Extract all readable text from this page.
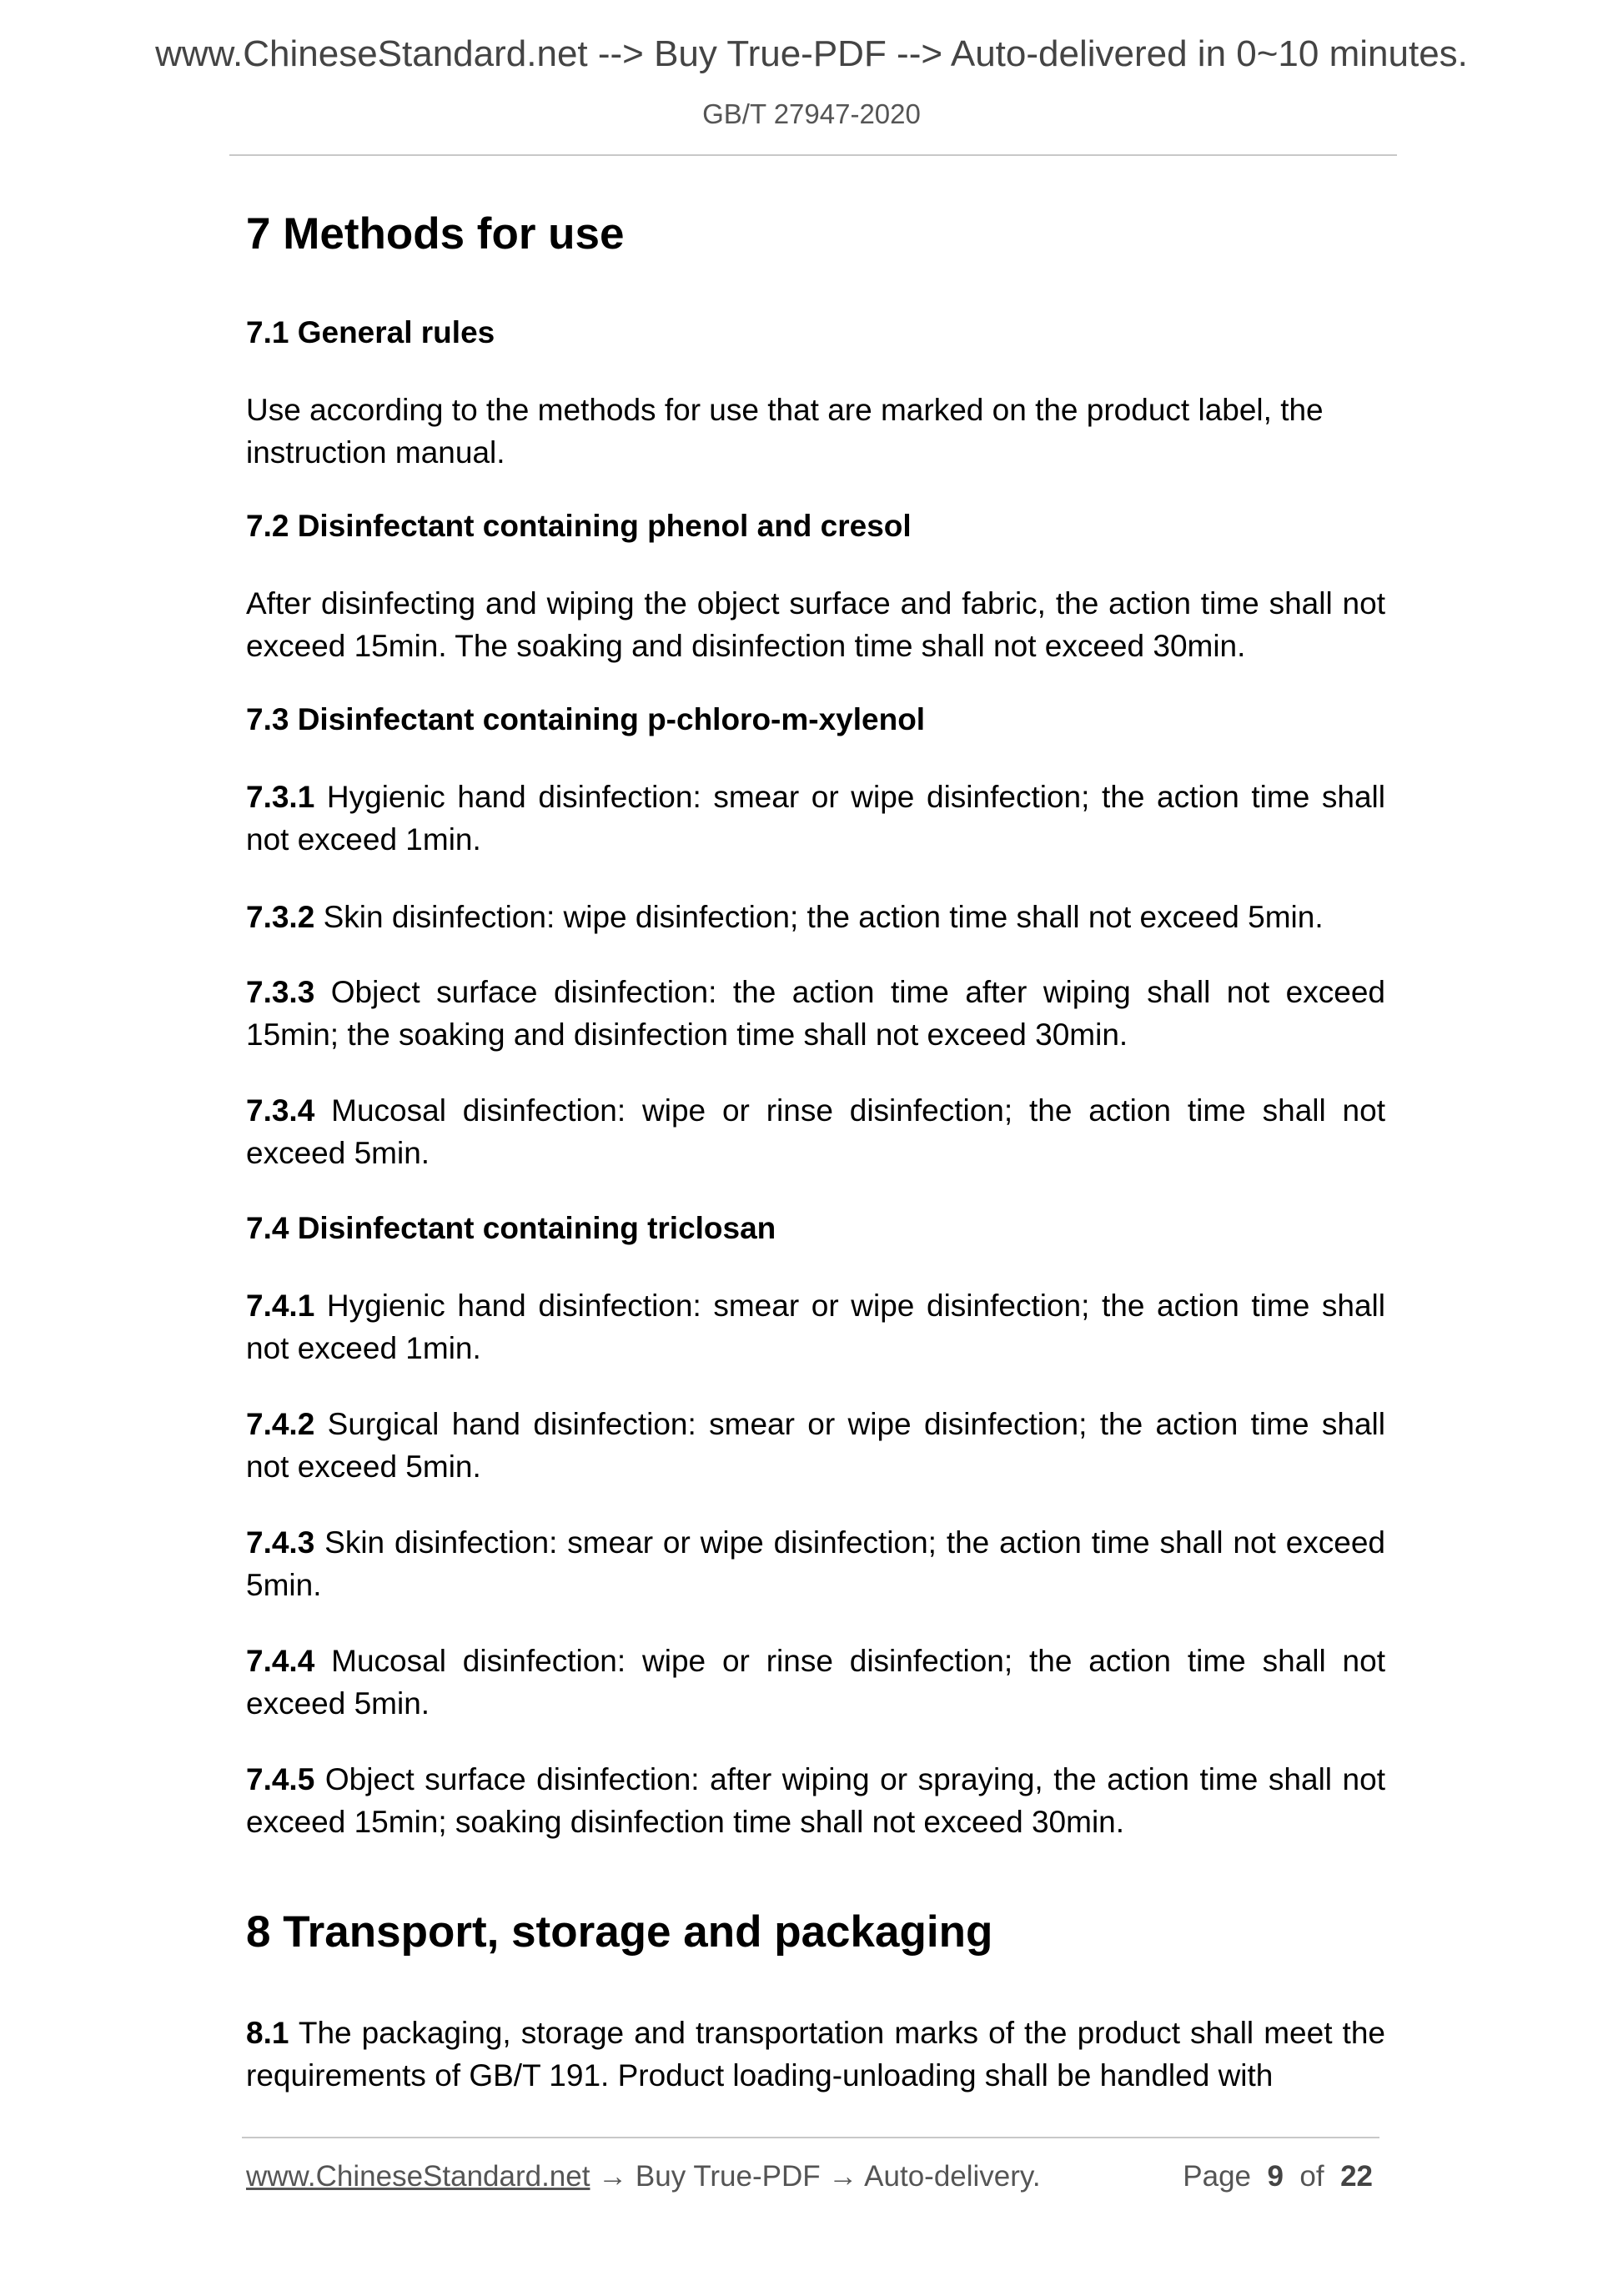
www.ChineseStandard.net --> Buy True-PDF --> Auto-delivered in 0~10 minutes.
GB/T 27947-2020
7 Methods for use
7.1 General rules
Use according to the methods for use that are marked on the product label, the instruction manual.
7.2 Disinfectant containing phenol and cresol
After disinfecting and wiping the object surface and fabric, the action time shall not exceed 15min. The soaking and disinfection time shall not exceed 30min.
7.3 Disinfectant containing p-chloro-m-xylenol
7.3.1 Hygienic hand disinfection: smear or wipe disinfection; the action time shall not exceed 1min.
7.3.2 Skin disinfection: wipe disinfection; the action time shall not exceed 5min.
7.3.3 Object surface disinfection: the action time after wiping shall not exceed 15min; the soaking and disinfection time shall not exceed 30min.
7.3.4 Mucosal disinfection: wipe or rinse disinfection; the action time shall not exceed 5min.
7.4 Disinfectant containing triclosan
7.4.1 Hygienic hand disinfection: smear or wipe disinfection; the action time shall not exceed 1min.
7.4.2 Surgical hand disinfection: smear or wipe disinfection; the action time shall not exceed 5min.
7.4.3 Skin disinfection: smear or wipe disinfection; the action time shall not exceed 5min.
7.4.4 Mucosal disinfection: wipe or rinse disinfection; the action time shall not exceed 5min.
7.4.5 Object surface disinfection: after wiping or spraying, the action time shall not exceed 15min; soaking disinfection time shall not exceed 30min.
8 Transport, storage and packaging
8.1 The packaging, storage and transportation marks of the product shall meet the requirements of GB/T 191. Product loading-unloading shall be handled with
www.ChineseStandard.net → Buy True-PDF → Auto-delivery.	Page 9 of 22
